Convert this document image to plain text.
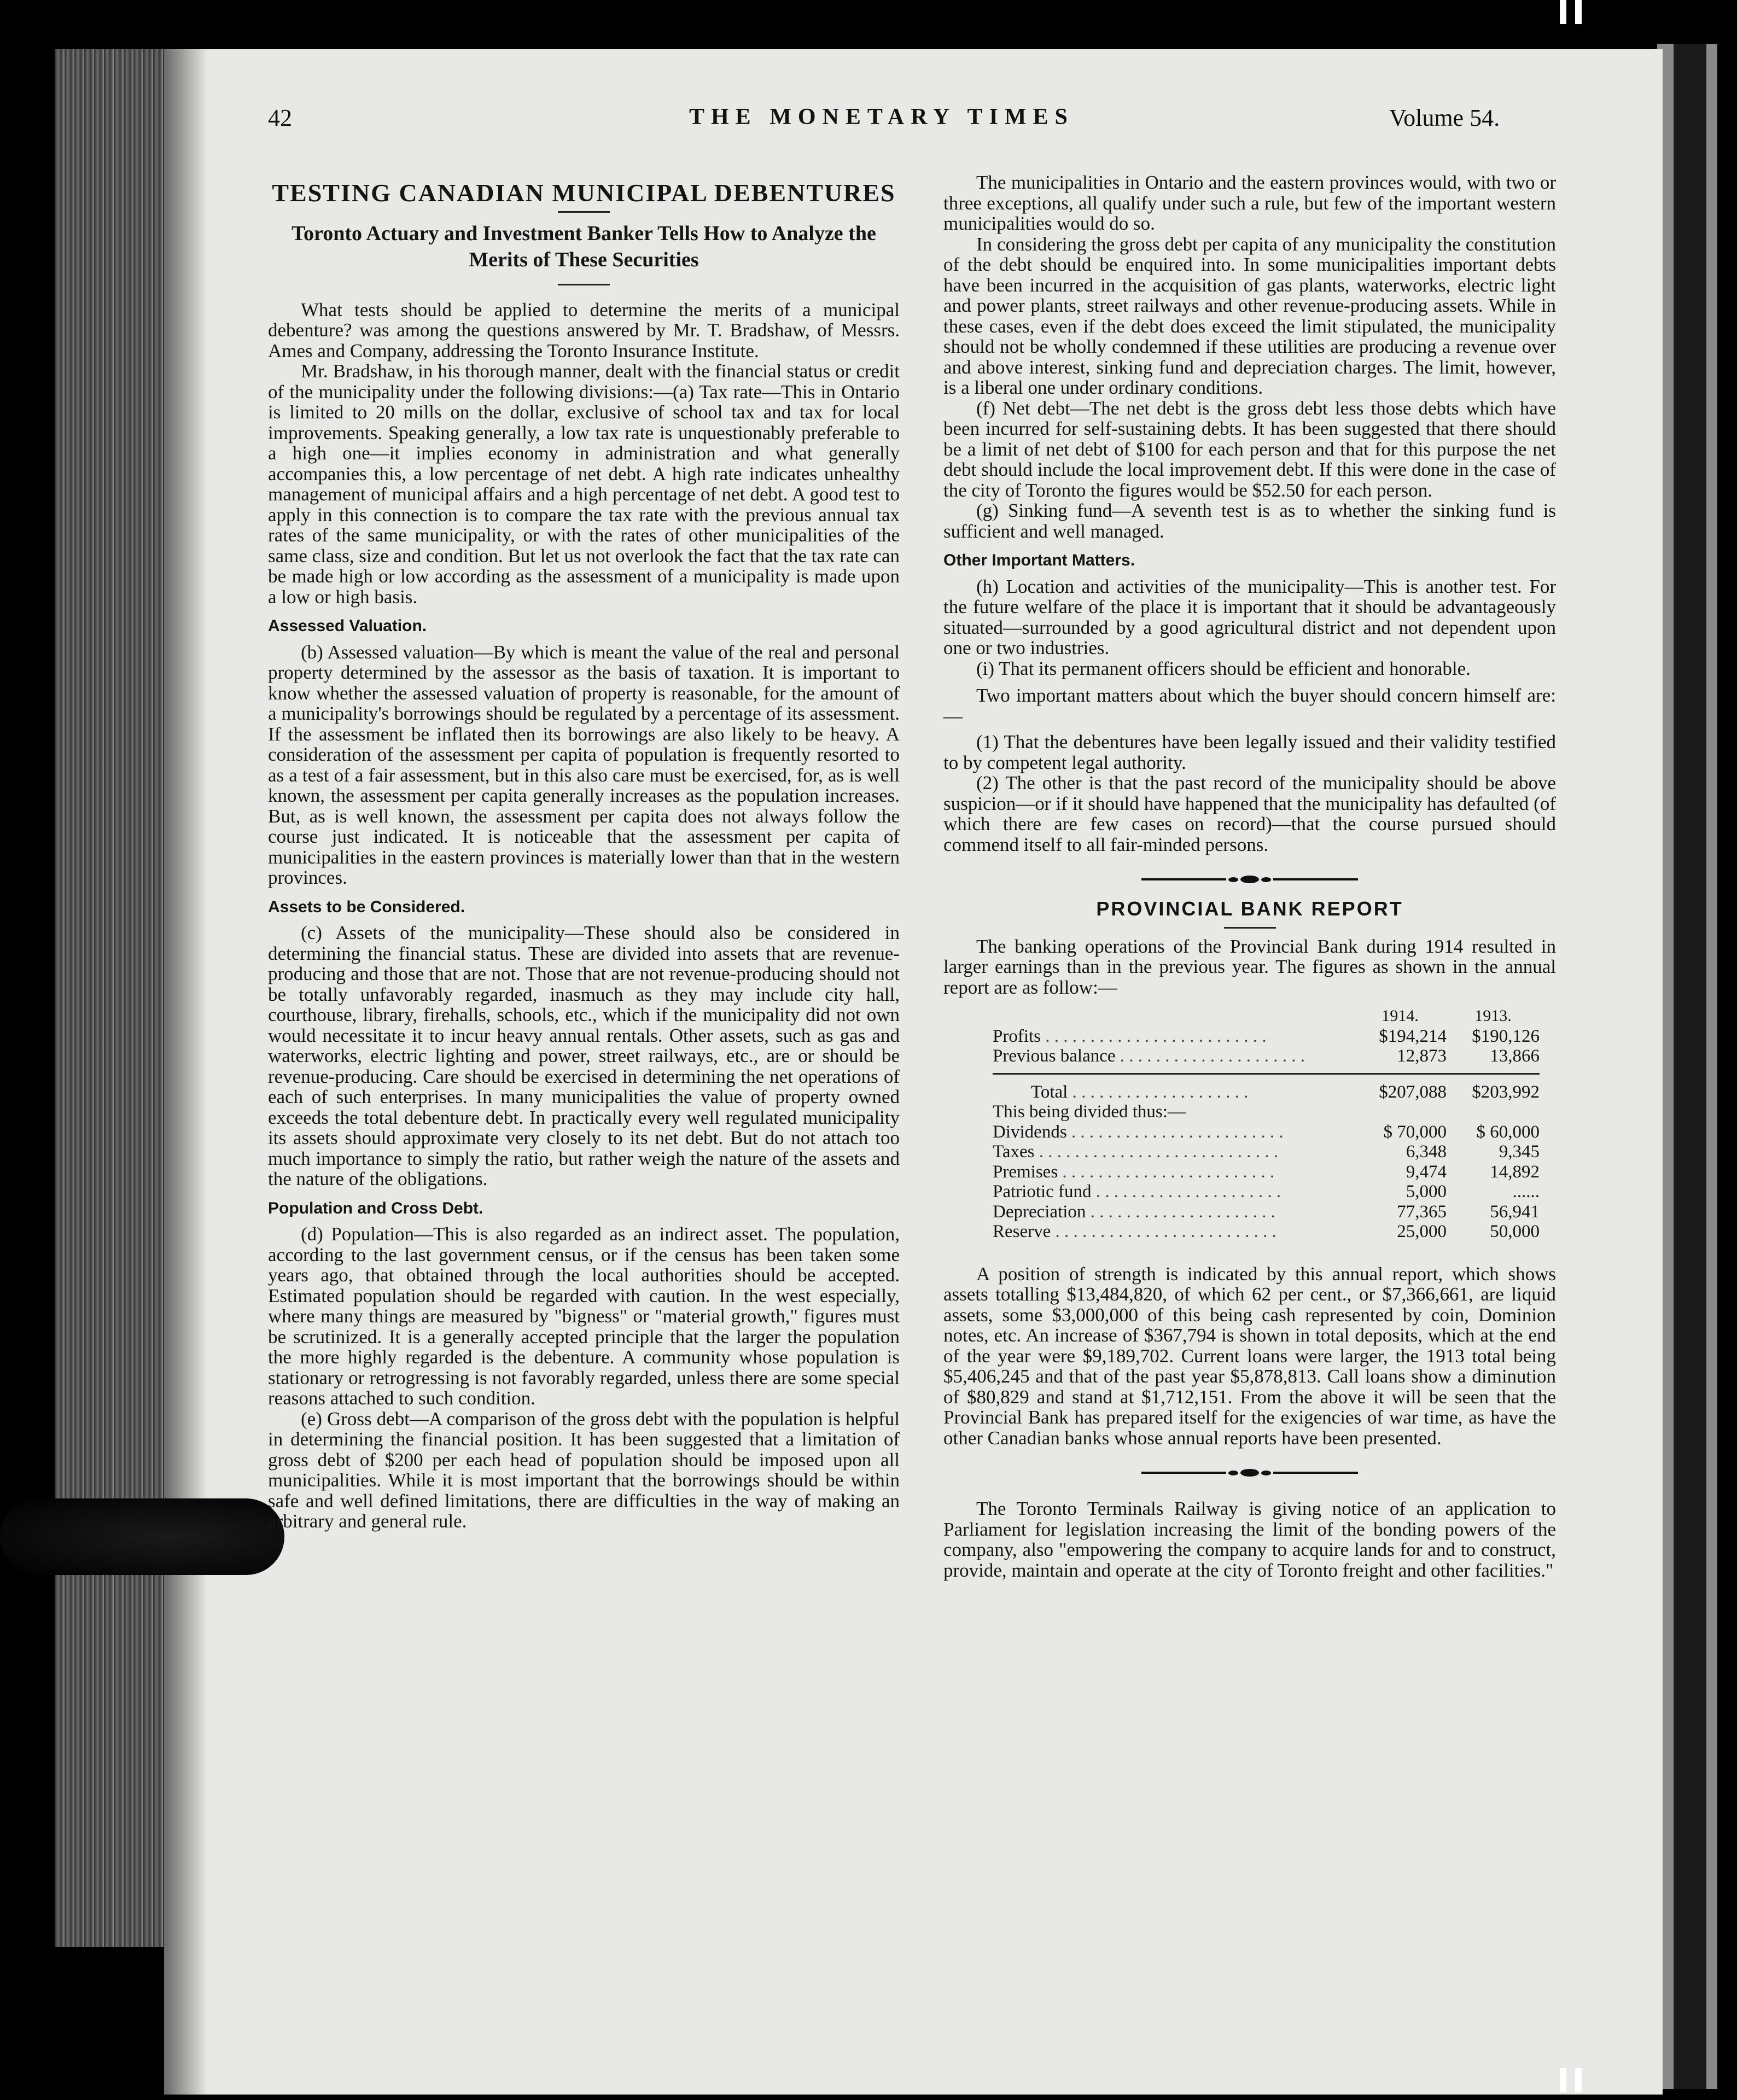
42	THE MONETARY TIMES	Volume 54.
TESTING CANADIAN MUNICIPAL DEBENTURES
Toronto Actuary and Investment Banker Tells How to Analyze the Merits of These Securities

What tests should be applied to determine the merits of a municipal debenture? was among the questions answered by Mr. T. Bradshaw, of Messrs. Ames and Company, addressing the Toronto Insurance Institute.

Mr. Bradshaw, in his thorough manner, dealt with the financial status or credit of the municipality under the following divisions:—(a) Tax rate—This in Ontario is limited to 20 mills on the dollar, exclusive of school tax and tax for local improvements. Speaking generally, a low tax rate is unquestionably preferable to a high one—it implies economy in administration and what generally accompanies this, a low percentage of net debt. A high rate indicates unhealthy management of municipal affairs and a high percentage of net debt. A good test to apply in this connection is to compare the tax rate with the previous annual tax rates of the same municipality, or with the rates of other municipalities of the same class, size and condition. But let us not overlook the fact that the tax rate can be made high or low according as the assessment of a municipality is made upon a low or high basis.

Assessed Valuation.

(b) Assessed valuation—By which is meant the value of the real and personal property determined by the assessor as the basis of taxation. It is important to know whether the assessed valuation of property is reasonable, for the amount of a municipality's borrowings should be regulated by a percentage of its assessment. If the assessment be inflated then its borrowings are also likely to be heavy. A consideration of the assessment per capita of population is frequently resorted to as a test of a fair assessment, but in this also care must be exercised, for, as is well known, the assessment per capita generally increases as the population increases. But, as is well known, the assessment per capita does not always follow the course just indicated. It is noticeable that the assessment per capita of municipalities in the eastern provinces is materially lower than that in the western provinces.

Assets to be Considered.

(c) Assets of the municipality—These should also be considered in determining the financial status. These are divided into assets that are revenue-producing and those that are not. Those that are not revenue-producing should not be totally unfavorably regarded, inasmuch as they may include city hall, courthouse, library, firehalls, schools, etc., which if the municipality did not own would necessitate it to incur heavy annual rentals. Other assets, such as gas and waterworks, electric lighting and power, street railways, etc., are or should be revenue-producing. Care should be exercised in determining the net operations of each of such enterprises. In many municipalities the value of property owned exceeds the total debenture debt. In practically every well regulated municipality its assets should approximate very closely to its net debt. But do not attach too much importance to simply the ratio, but rather weigh the nature of the assets and the nature of the obligations.

Population and Cross Debt.

(d) Population—This is also regarded as an indirect asset. The population, according to the last government census, or if the census has been taken some years ago, that obtained through the local authorities should be accepted. Estimated population should be regarded with caution. In the west especially, where many things are measured by "bigness" or "material growth," figures must be scrutinized. It is a generally accepted principle that the larger the population the more highly regarded is the debenture. A community whose population is stationary or retrogressing is not favorably regarded, unless there are some special reasons attached to such condition.

(e) Gross debt—A comparison of the gross debt with the population is helpful in determining the financial position. It has been suggested that a limitation of gross debt of $200 per each head of population should be imposed upon all municipalities. While it is most important that the borrowings should be within safe and well defined limitations, there are difficulties in the way of making an arbitrary and general rule.

The municipalities in Ontario and the eastern provinces would, with two or three exceptions, all qualify under such a rule, but few of the important western municipalities would do so.

In considering the gross debt per capita of any municipality the constitution of the debt should be enquired into. In some municipalities important debts have been incurred in the acquisition of gas plants, waterworks, electric light and power plants, street railways and other revenue-producing assets. While in these cases, even if the debt does exceed the limit stipulated, the municipality should not be wholly condemned if these utilities are producing a revenue over and above interest, sinking fund and depreciation charges. The limit, however, is a liberal one under ordinary conditions.

(f) Net debt—The net debt is the gross debt less those debts which have been incurred for self-sustaining debts. It has been suggested that there should be a limit of net debt of $100 for each person and that for this purpose the net debt should include the local improvement debt. If this were done in the case of the city of Toronto the figures would be $52.50 for each person.

(g) Sinking fund—A seventh test is as to whether the sinking fund is sufficient and well managed.

Other Important Matters.

(h) Location and activities of the municipality—This is another test. For the future welfare of the place it is important that it should be advantageously situated—surrounded by a good agricultural district and not dependent upon one or two industries.

(i) That its permanent officers should be efficient and honorable.

Two important matters about which the buyer should concern himself are:—

(1) That the debentures have been legally issued and their validity testified to by competent legal authority.

(2) The other is that the past record of the municipality should be above suspicion—or if it should have happened that the municipality has defaulted (of which there are few cases on record)—that the course pursued should commend itself to all fair-minded persons.

PROVINCIAL BANK REPORT

The banking operations of the Provincial Bank during 1914 resulted in larger earnings than in the previous year. The figures as shown in the annual report are as follow:—

1914.	1913.
Profits . . . . . . . . . . . . . . . . . . . . . . . . .	$194,214	$190,126
Previous balance . . . . . . . . . . . . . . . . . . . . .	12,873	13,866
Total . . . . . . . . . . . . . . . . . . . .	$207,088	$203,992
This being divided thus:—
Dividends . . . . . . . . . . . . . . . . . . . . . . . .	$ 70,000	$ 60,000
Taxes . . . . . . . . . . . . . . . . . . . . . . . . . . .	6,348	9,345
Premises . . . . . . . . . . . . . . . . . . . . . . . .	9,474	14,892
Patriotic fund . . . . . . . . . . . . . . . . . . . . .	5,000	......
Depreciation . . . . . . . . . . . . . . . . . . . . .	77,365	56,941
Reserve . . . . . . . . . . . . . . . . . . . . . . . . .	25,000	50,000

A position of strength is indicated by this annual report, which shows assets totalling $13,484,820, of which 62 per cent., or $7,366,661, are liquid assets, some $3,000,000 of this being cash represented by coin, Dominion notes, etc. An increase of $367,794 is shown in total deposits, which at the end of the year were $9,189,702. Current loans were larger, the 1913 total being $5,406,245 and that of the past year $5,878,813. Call loans show a diminution of $80,829 and stand at $1,712,151. From the above it will be seen that the Provincial Bank has prepared itself for the exigencies of war time, as have the other Canadian banks whose annual reports have been presented.

The Toronto Terminals Railway is giving notice of an application to Parliament for legislation increasing the limit of the bonding powers of the company, also "empowering the company to acquire lands for and to construct, provide, maintain and operate at the city of Toronto freight and other facilities."
